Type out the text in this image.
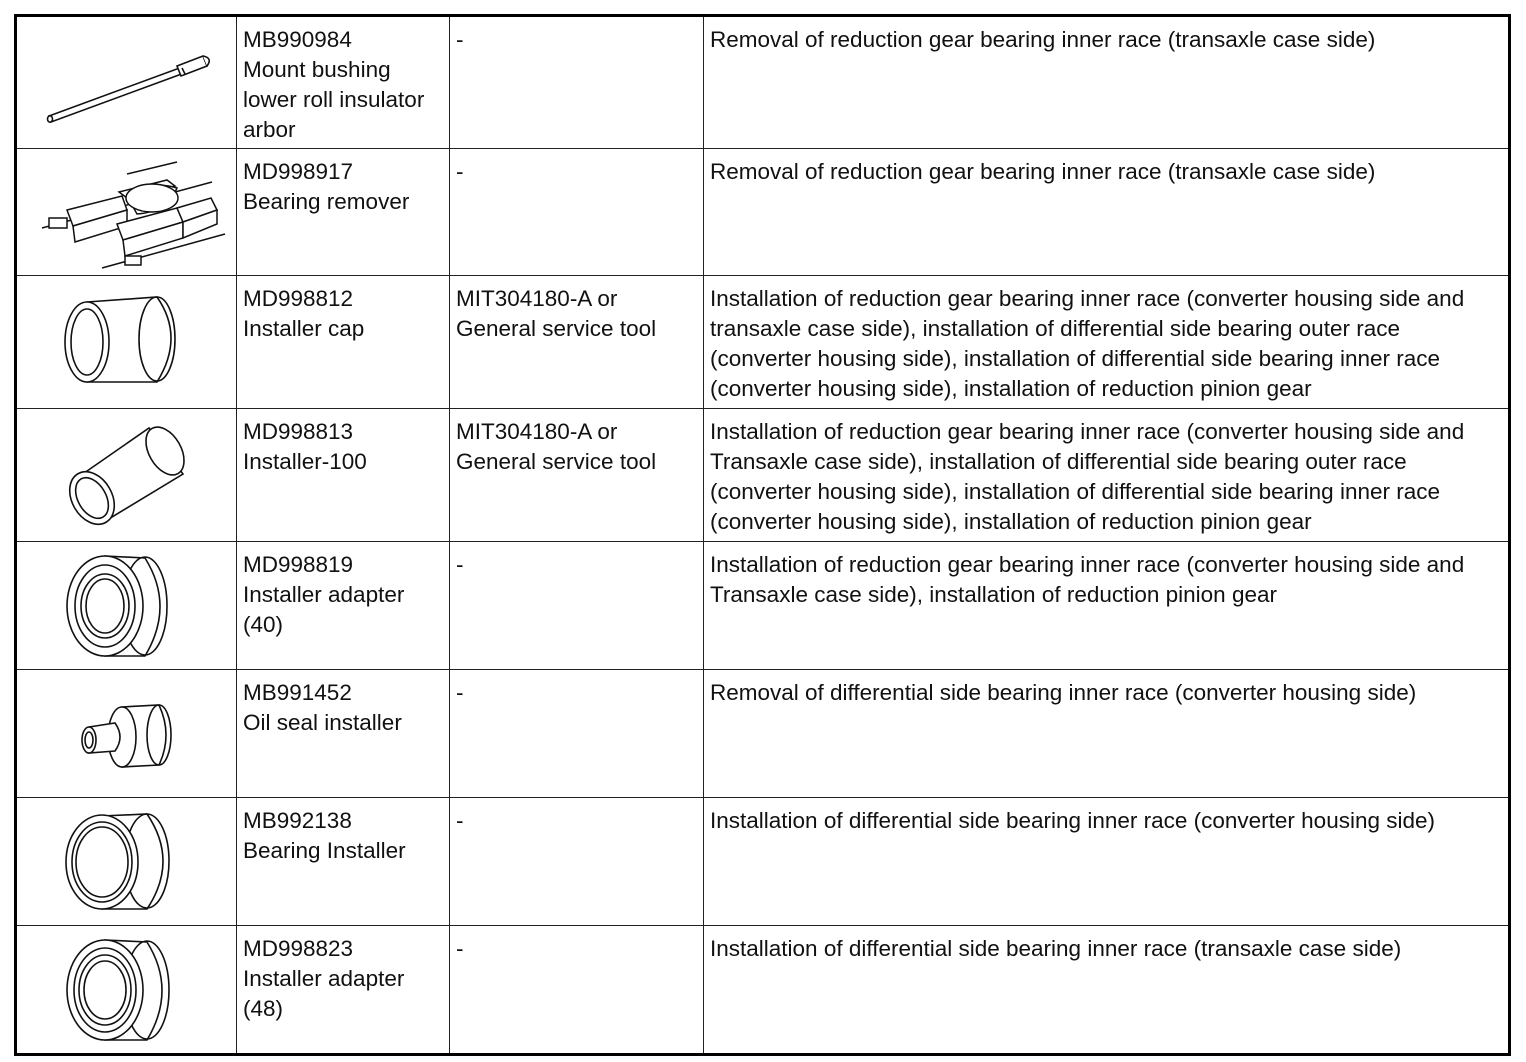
MB990984
Mount bushing lower roll insulator arbor	-	Removal of reduction gear bearing inner race (transaxle case side)

MD998917
Bearing remover	-	Removal of reduction gear bearing inner race (transaxle case side)

MD998812
Installer cap	MIT304180-A or General service tool	Installation of reduction gear bearing inner race (converter housing side and transaxle case side), installation of differential side bearing outer race (converter housing side), installation of differential side bearing inner race (converter housing side), installation of reduction pinion gear

MD998813
Installer-100	MIT304180-A or General service tool	Installation of reduction gear bearing inner race (converter housing side and Transaxle case side), installation of differential side bearing outer race (converter housing side), installation of differential side bearing inner race (converter housing side), installation of reduction pinion gear

MD998819
Installer adapter (40)	-	Installation of reduction gear bearing inner race (converter housing side and Transaxle case side), installation of reduction pinion gear

MB991452
Oil seal installer	-	Removal of differential side bearing inner race (converter housing side)

MB992138
Bearing Installer	-	Installation of differential side bearing inner race (converter housing side)

MD998823
Installer adapter (48)	-	Installation of differential side bearing inner race (transaxle case side)
